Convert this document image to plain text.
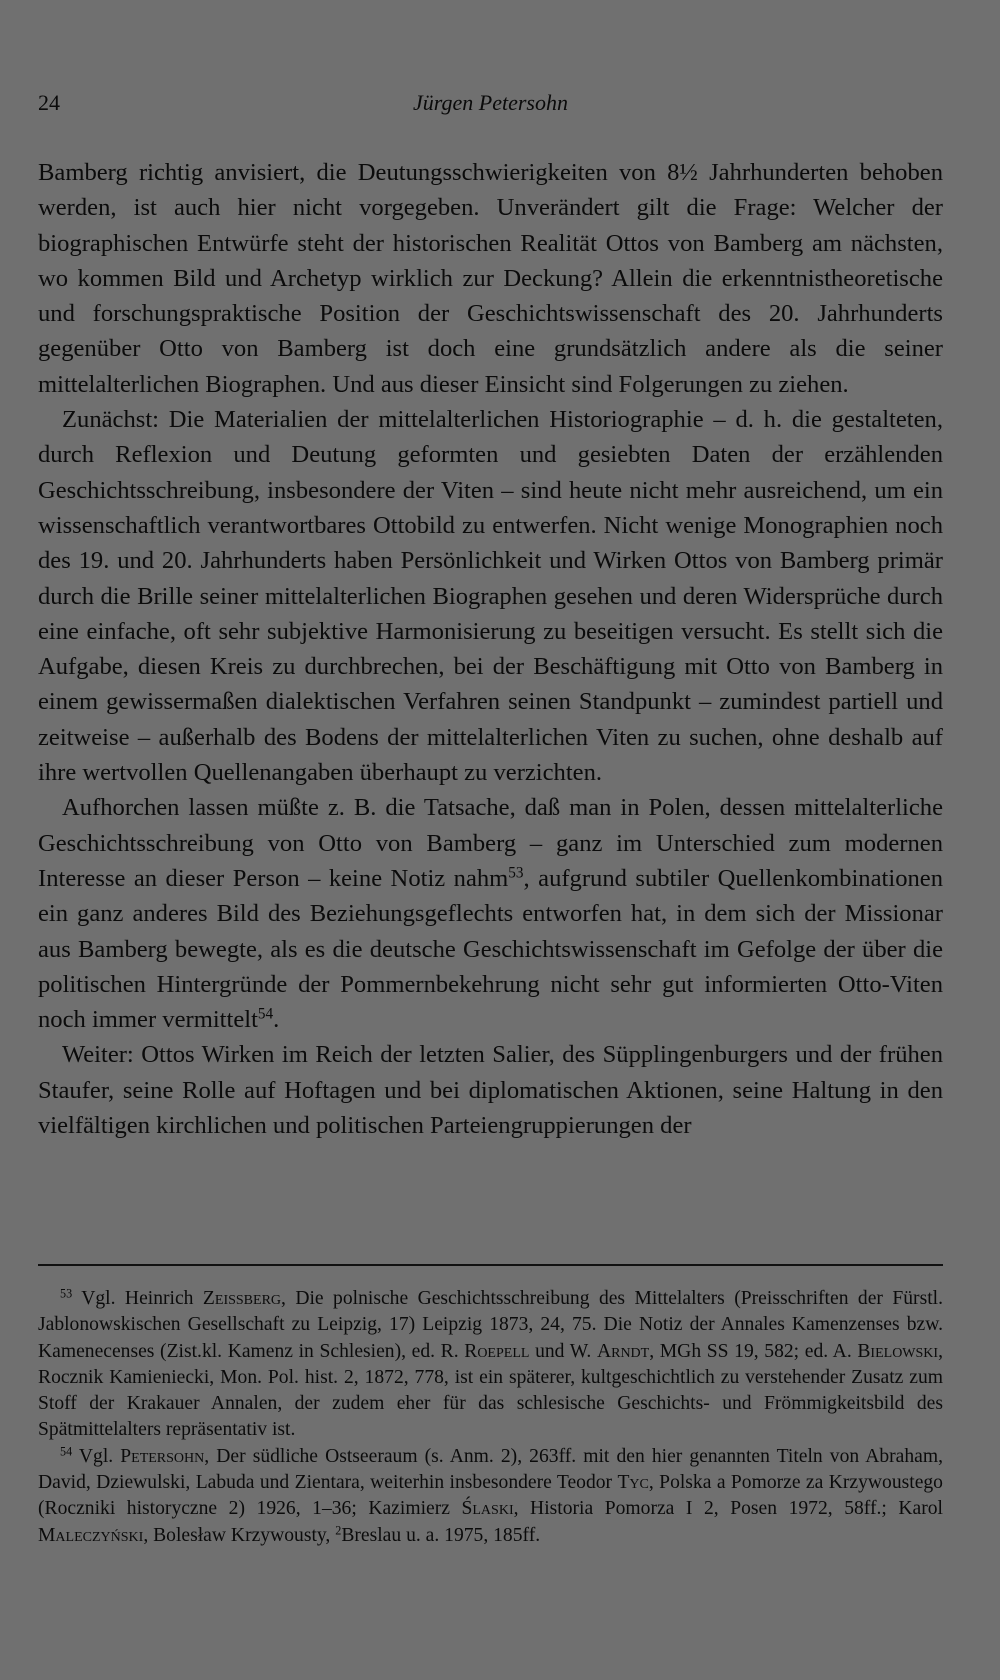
24	Jürgen Petersohn

Bamberg richtig anvisiert, die Deutungsschwierigkeiten von 8½ Jahrhunderten behoben werden, ist auch hier nicht vorgegeben. Unverändert gilt die Frage: Welcher der biographischen Entwürfe steht der historischen Realität Ottos von Bamberg am nächsten, wo kommen Bild und Archetyp wirklich zur Deckung? Allein die erkenntnistheoretische und forschungspraktische Position der Geschichtswissenschaft des 20. Jahrhunderts gegenüber Otto von Bamberg ist doch eine grundsätzlich andere als die seiner mittelalterlichen Biographen. Und aus dieser Einsicht sind Folgerungen zu ziehen.

Zunächst: Die Materialien der mittelalterlichen Historiographie – d. h. die gestalteten, durch Reflexion und Deutung geformten und gesiebten Daten der erzählenden Geschichtsschreibung, insbesondere der Viten – sind heute nicht mehr ausreichend, um ein wissenschaftlich verantwortbares Ottobild zu entwerfen. Nicht wenige Monographien noch des 19. und 20. Jahrhunderts haben Persönlichkeit und Wirken Ottos von Bamberg primär durch die Brille seiner mittelalterlichen Biographen gesehen und deren Widersprüche durch eine einfache, oft sehr subjektive Harmonisierung zu beseitigen versucht. Es stellt sich die Aufgabe, diesen Kreis zu durchbrechen, bei der Beschäftigung mit Otto von Bamberg in einem gewissermaßen dialektischen Verfahren seinen Standpunkt – zumindest partiell und zeitweise – außerhalb des Bodens der mittelalterlichen Viten zu suchen, ohne deshalb auf ihre wertvollen Quellenangaben überhaupt zu verzichten.

Aufhorchen lassen müßte z. B. die Tatsache, daß man in Polen, dessen mittelalterliche Geschichtsschreibung von Otto von Bamberg – ganz im Unterschied zum modernen Interesse an dieser Person – keine Notiz nahm$^{53}$, aufgrund subtiler Quellenkombinationen ein ganz anderes Bild des Beziehungsgeflechts entworfen hat, in dem sich der Missionar aus Bamberg bewegte, als es die deutsche Geschichtswissenschaft im Gefolge der über die politischen Hintergründe der Pommernbekehrung nicht sehr gut informierten Otto-Viten noch immer vermittelt$^{54}$.

Weiter: Ottos Wirken im Reich der letzten Salier, des Süpplingenburgers und der frühen Staufer, seine Rolle auf Hoftagen und bei diplomatischen Aktionen, seine Haltung in den vielfältigen kirchlichen und politischen Parteiengruppierungen der

$^{53}$ Vgl. Heinrich Zeissberg, Die polnische Geschichtsschreibung des Mittelalters (Preisschriften der Fürstl. Jablonowskischen Gesellschaft zu Leipzig, 17) Leipzig 1873, 24, 75. Die Notiz der Annales Kamenzenses bzw. Kamenecenses (Zist.kl. Kamenz in Schlesien), ed. R. Roepell und W. Arndt, MGh SS 19, 582; ed. A. Bielowski, Rocznik Kamieniecki, Mon. Pol. hist. 2, 1872, 778, ist ein späterer, kultgeschichtlich zu verstehender Zusatz zum Stoff der Krakauer Annalen, der zudem eher für das schlesische Geschichts- und Frömmigkeitsbild des Spätmittelalters repräsentativ ist.

$^{54}$ Vgl. Petersohn, Der südliche Ostseeraum (s. Anm. 2), 263ff. mit den hier genannten Titeln von Abraham, David, Dziewulski, Labuda und Zientara, weiterhin insbesondere Teodor Tyc, Polska a Pomorze za Krzywoustego (Roczniki historyczne 2) 1926, 1–36; Kazimierz Ślaski, Historia Pomorza I 2, Posen 1972, 58ff.; Karol Maleczyński, Bolesław Krzywousty, $^2$Breslau u. a. 1975, 185ff.
